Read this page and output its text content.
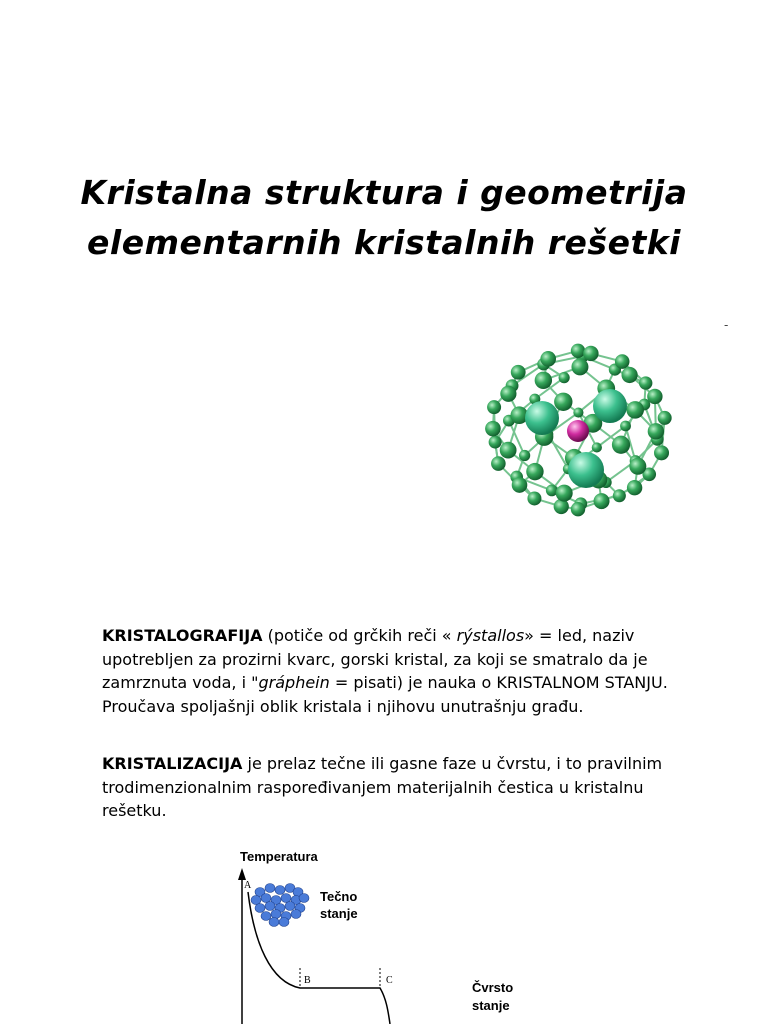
Kristalna struktura i geometrija
elementarnih kristalnih rešetki
-

KRISTALOGRAFIJA (potiče od grčkih reči « rýstallos» = led, naziv upotrebljen za prozirni kvarc, gorski kristal, za koji se smatralo da je zamrznuta voda, i "gráphein = pisati) je nauka o KRISTALNOM STANJU. Proučava spoljašnji oblik kristala i njihovu unutrašnju građu.

KRISTALIZACIJA je prelaz tečne ili gasne faze u čvrstu, i to pravilnim trodimenzionalnim raspoređivanjem materijalnih čestica u kristalnu rešetku.

Temperatura
A
B	C
Tečno
stanje
Čvrsto
stanje
